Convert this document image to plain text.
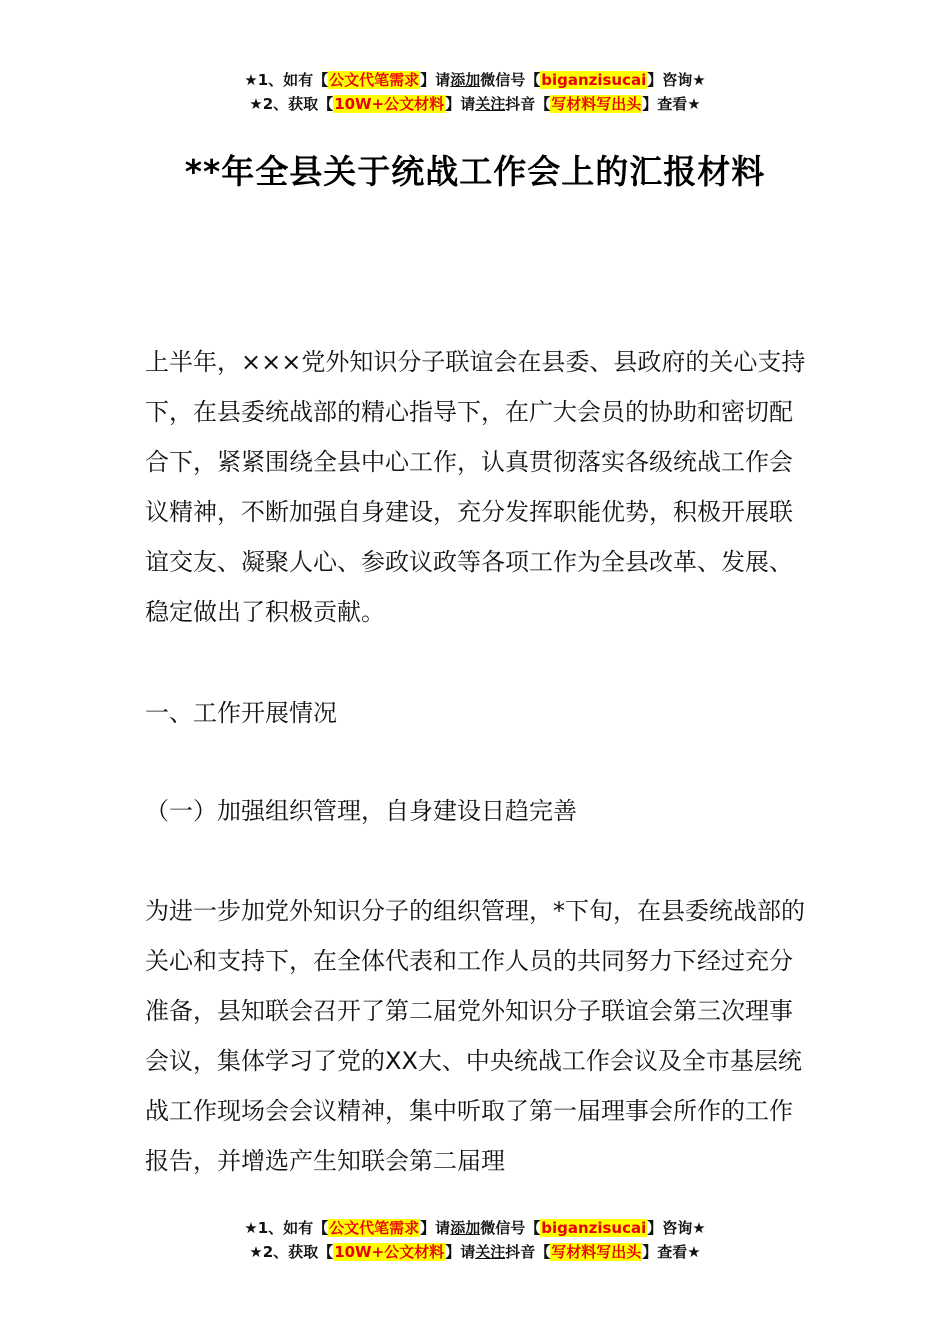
★1、如有【公文代笔需求】请添加微信号【biganzisucai】咨询★
★2、获取【10W+公文材料】请关注抖音【写材料写出头】查看★
**年全县关于统战工作会上的汇报材料
上半年，×××党外知识分子联谊会在县委、县政府的关心支持下，在县委统战部的精心指导下，在广大会员的协助和密切配合下，紧紧围绕全县中心工作，认真贯彻落实各级统战工作会议精神，不断加强自身建设，充分发挥职能优势，积极开展联谊交友、凝聚人心、参政议政等各项工作为全县改革、发展、稳定做出了积极贡献。
一、工作开展情况
（一）加强组织管理，自身建设日趋完善
为进一步加党外知识分子的组织管理，*下旬，在县委统战部的关心和支持下，在全体代表和工作人员的共同努力下经过充分准备，县知联会召开了第二届党外知识分子联谊会第三次理事会议，集体学习了党的XX大、中央统战工作会议及全市基层统战工作现场会会议精神，集中听取了第一届理事会所作的工作报告，并增选产生知联会第二届理
★1、如有【公文代笔需求】请添加微信号【biganzisucai】咨询★
★2、获取【10W+公文材料】请关注抖音【写材料写出头】查看★
